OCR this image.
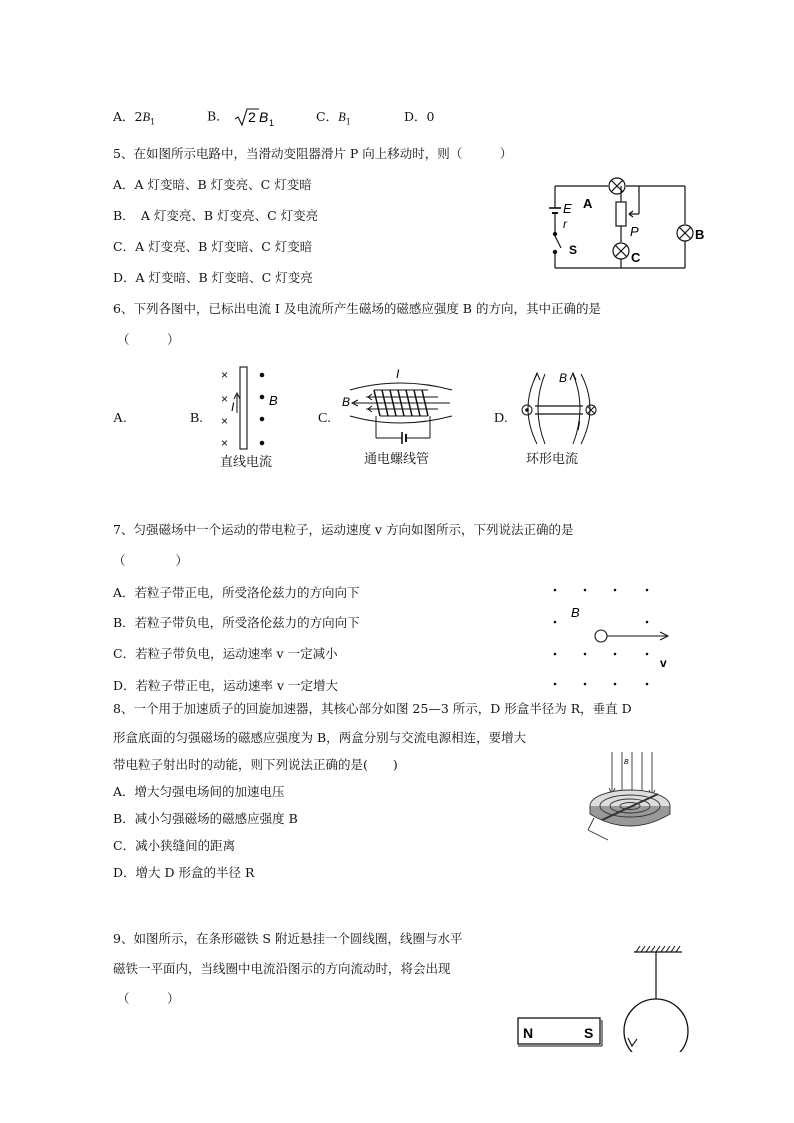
A．$2B_1$	B． 2 B 1	C．$B_1$	D．0
5、在如图所示电路中，当滑动变阻器滑片 P 向上移动时，则（　　　）
A．A 灯变暗、B 灯变亮、C 灯变暗
B．　A 灯变亮、B 灯变亮、C 灯变亮
C．A 灯变亮、B 灯变暗、C 灯变暗
D．A 灯变暗、B 灯变暗、C 灯变亮
A
E
r
S
P
C
B
6、下列各图中，已标出电流 I 及电流所产生磁场的磁感应强度 B 的方向，其中正确的是
（　　　）
A.	B.	C.	D.
×
×
×
×
I	B
直线电流
I
B
通电螺线管
B
I
环形电流
7、匀强磁场中一个运动的带电粒子，运动速度 v 方向如图所示，下列说法正确的是
（　　　　）
A．若粒子带正电，所受洛伦兹力的方向向下
B．若粒子带负电，所受洛伦兹力的方向向下
C．若粒子带负电，运动速率 v 一定减小
D．若粒子带正电，运动速率 v 一定增大
B
v
8、一个用于加速质子的回旋加速器，其核心部分如图 25—3 所示，D 形盒半径为 R，垂直 D
形盒底面的匀强磁场的磁感应强度为 B，两盒分别与交流电源相连，要增大
带电粒子射出时的动能，则下列说法正确的是(　　)
A．增大匀强电场间的加速电压
B．减小匀强磁场的磁感应强度 B
C．减小狭缝间的距离
D．增大 D 形盒的半径 R
B
9、如图所示，在条形磁铁 S 附近悬挂一个圆线圈，线圈与水平
磁铁一平面内，当线圈中电流沿图示的方向流动时，将会出现
（　　　）
N	S
